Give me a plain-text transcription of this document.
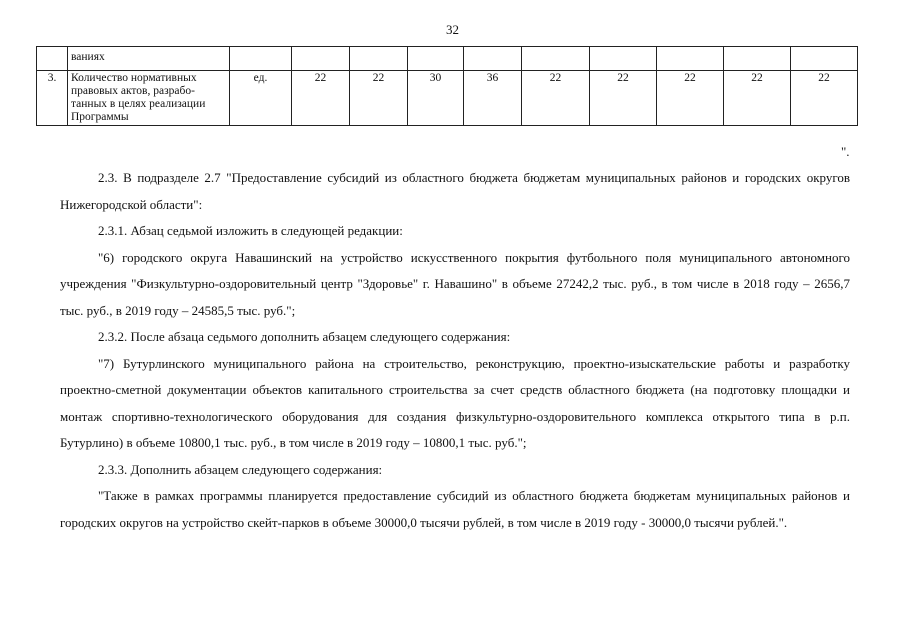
32
	ваниях										
3.	Количество нормативных правовых актов, разрабо- танных в целях реализации Программы	ед.	22	22	30	36	22	22	22	22	22
".

2.3. В подразделе 2.7 "Предоставление субсидий из областного бюджета бюджетам муниципальных районов и городских округов Нижегородской области":

2.3.1. Абзац седьмой изложить в следующей редакции:

"6) городского округа Навашинский на устройство искусственного покрытия футбольного поля муниципального автономного учреждения "Физкультурно-оздоровительный центр "Здоровье" г. Навашино" в объеме 27242,2 тыс. руб., в том числе в 2018 году – 2656,7 тыс. руб., в 2019 году – 24585,5 тыс. руб.";

2.3.2. После абзаца седьмого дополнить абзацем следующего содержания:

"7) Бутурлинского муниципального района на строительство, реконструкцию, проектно-изыскательские работы и разработку проектно-сметной документации объектов капитального строительства за счет средств областного бюджета (на подготовку площадки и монтаж спортивно-технологического оборудования для создания физкультурно-оздоровительного комплекса открытого типа в р.п. Бутурлино) в объеме 10800,1 тыс. руб., в том числе в 2019 году – 10800,1 тыс. руб.";

2.3.3. Дополнить абзацем следующего содержания:

"Также в рамках программы планируется предоставление субсидий из областного бюджета бюджетам муниципальных районов и городских округов на устройство скейт-парков в объеме 30000,0 тысячи рублей, в том числе в 2019 году - 30000,0 тысячи рублей.".
